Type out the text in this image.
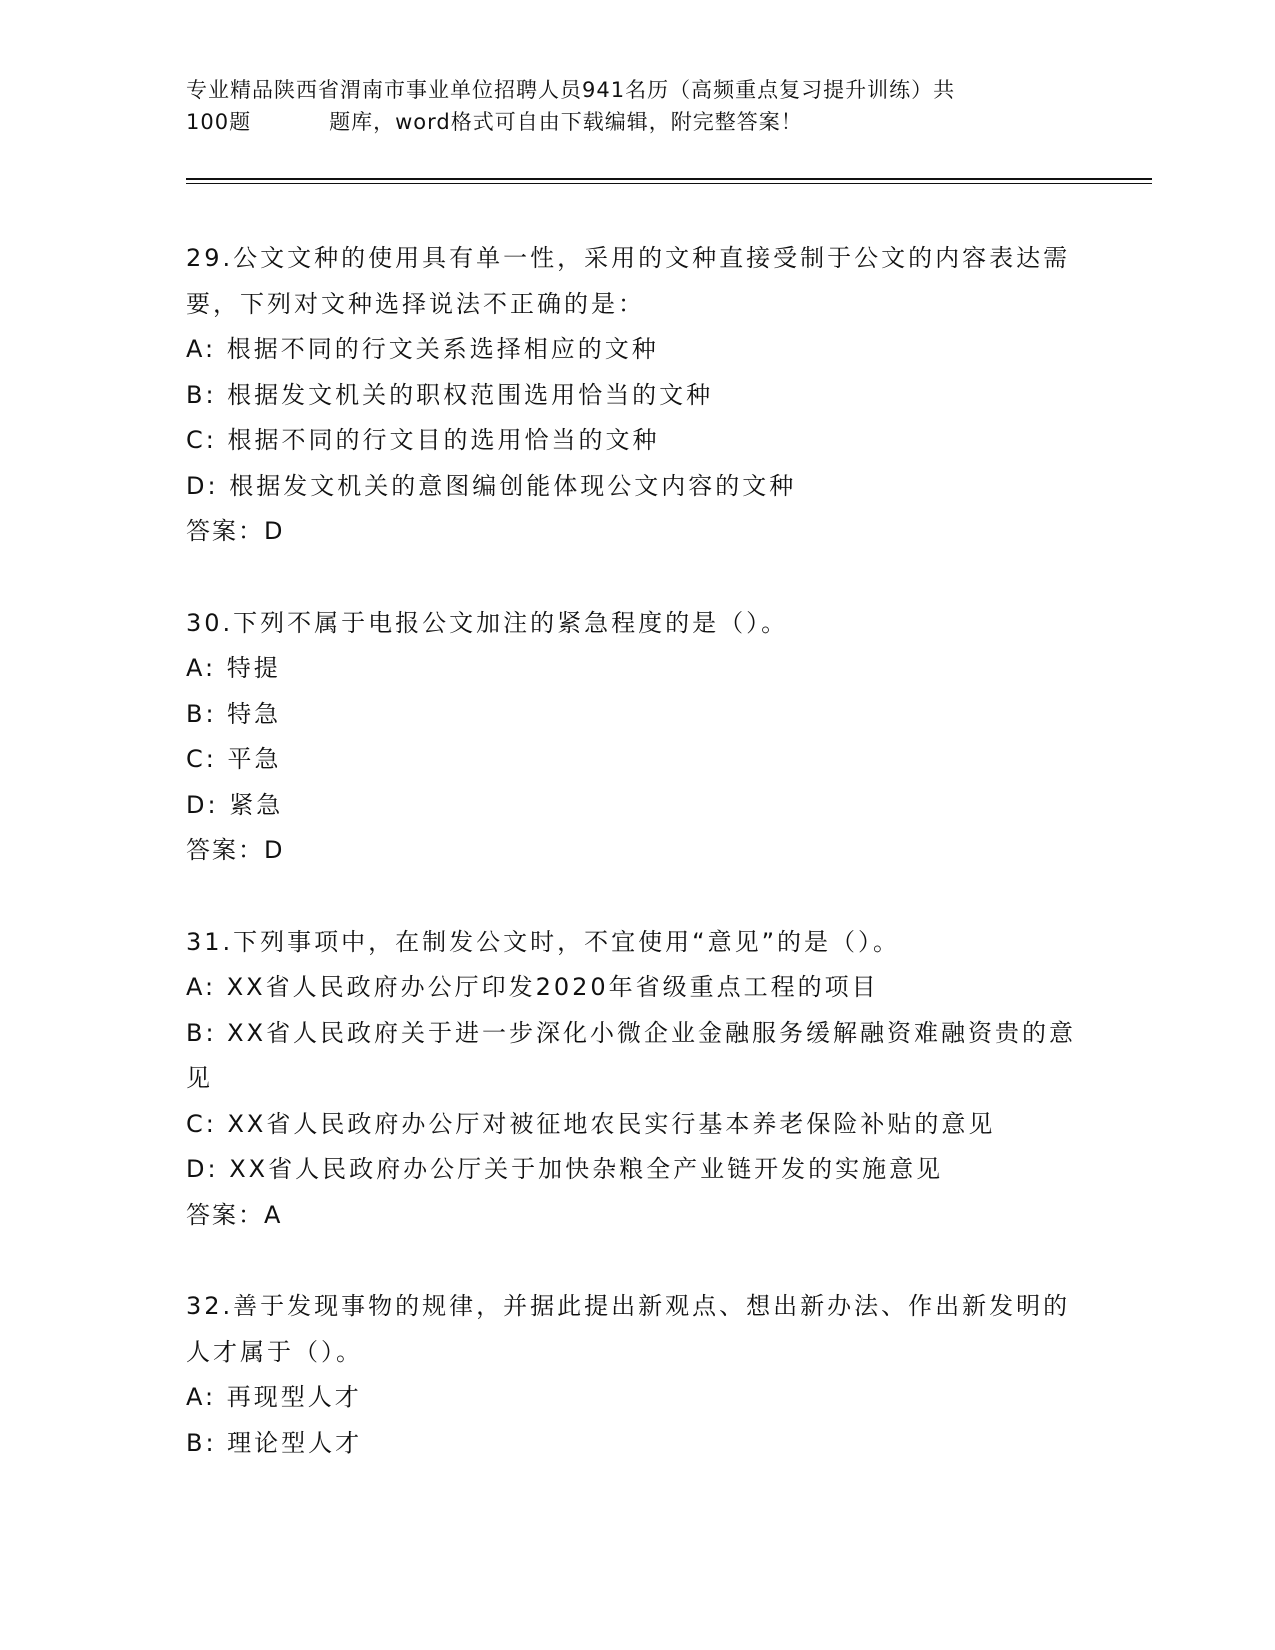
专业精品陕西省渭南市事业单位招聘人员941名历（高频重点复习提升训练）共
100题	题库，word格式可自由下载编辑，附完整答案！
29.公文文种的使用具有单一性，采用的文种直接受制于公文的内容表达需要，下列对文种选择说法不正确的是：
A: 根据不同的行文关系选择相应的文种
B: 根据发文机关的职权范围选用恰当的文种
C: 根据不同的行文目的选用恰当的文种
D: 根据发文机关的意图编创能体现公文内容的文种
答案：D
30.下列不属于电报公文加注的紧急程度的是（）。
A: 特提
B: 特急
C: 平急
D: 紧急
答案：D
31.下列事项中，在制发公文时，不宜使用“意见”的是（）。
A: XX省人民政府办公厅印发2020年省级重点工程的项目
B: XX省人民政府关于进一步深化小微企业金融服务缓解融资难融资贵的意见
C: XX省人民政府办公厅对被征地农民实行基本养老保险补贴的意见
D: XX省人民政府办公厅关于加快杂粮全产业链开发的实施意见
答案：A
32.善于发现事物的规律，并据此提出新观点、想出新办法、作出新发明的人才属于（）。
A: 再现型人才
B: 理论型人才
